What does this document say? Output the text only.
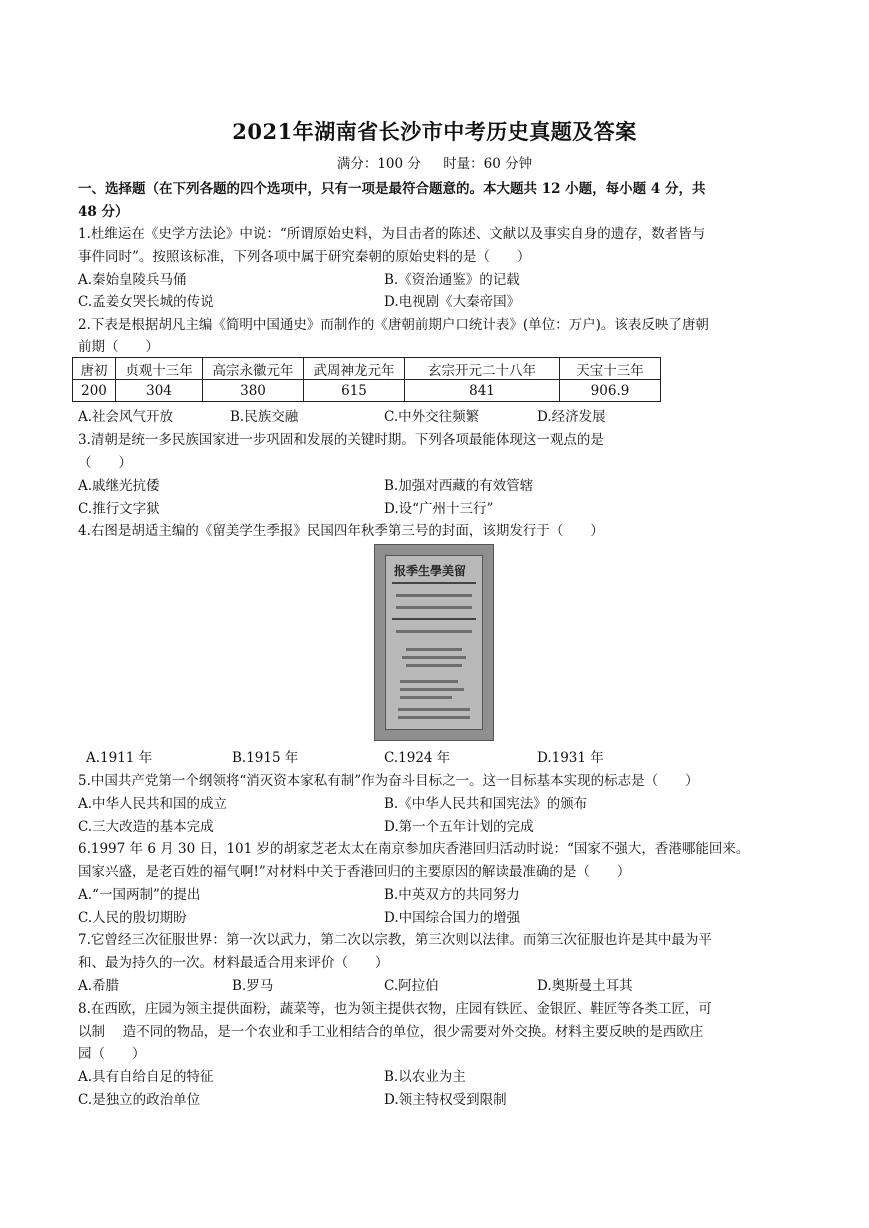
2021年湖南省长沙市中考历史真题及答案
满分：100 分 时量：60 分钟
一、选择题（在下列各题的四个选项中，只有一项是最符合题意的。本大题共 12 小题，每小题 4 分，共
48 分）
1.杜维运在《史学方法论》中说：“所谓原始史料，为目击者的陈述、文献以及事实自身的遗存，数者皆与
事件同时”。按照该标准，下列各项中属于研究秦朝的原始史料的是（　　）
A.秦始皇陵兵马俑	B.《资治通鉴》的记载
C.孟姜女哭长城的传说	D.电视剧《大秦帝国》
2.下表是根据胡凡主编《简明中国通史》而制作的《唐朝前期户口统计表》(单位：万户)。该表反映了唐朝
前期（　　）
唐初	贞观十三年	高宗永徽元年	武周神龙元年	玄宗开元二十八年	天宝十三年
200	304	380	615	841	906.9
A.社会风气开放	B.民族交融	C.中外交往频繁	D.经济发展
3.清朝是统一多民族国家进一步巩固和发展的关键时期。下列各项最能体现这一观点的是
（　　）
A.戚继光抗倭	B.加强对西藏的有效管辖
C.推行文字狱	D.设“广州十三行”
4.右图是胡适主编的《留美学生季报》民国四年秋季第三号的封面，该期发行于（　　）
报季生學美留
A.1911 年	B.1915 年	C.1924 年	D.1931 年
5.中国共产党第一个纲领将“消灭资本家私有制”作为奋斗目标之一。这一目标基本实现的标志是（　　）
A.中华人民共和国的成立	B.《中华人民共和国宪法》的颁布
C.三大改造的基本完成	D.第一个五年计划的完成
6.1997 年 6 月 30 日，101 岁的胡家芝老太太在南京参加庆香港回归活动时说：“国家不强大，香港哪能回来。
国家兴盛，是老百姓的福气啊!”对材料中关于香港回归的主要原因的解读最准确的是（　　）
A.“一国两制”的提出	B.中英双方的共同努力
C.人民的殷切期盼	D.中国综合国力的增强
7.它曾经三次征服世界：第一次以武力，第二次以宗教，第三次则以法律。而第三次征服也许是其中最为平
和、最为持久的一次。材料最适合用来评价（　　）
A.希腊	B.罗马	C.阿拉伯	D.奥斯曼土耳其
8.在西欧，庄园为领主提供面粉，蔬菜等，也为领主提供衣物，庄园有铁匠、金银匠、鞋匠等各类工匠，可
以制　 造不同的物品，是一个农业和手工业相结合的单位，很少需要对外交换。材料主要反映的是西欧庄
园（　　）
A.具有自给自足的特征	B.以农业为主
C.是独立的政治单位	D.领主特权受到限制
